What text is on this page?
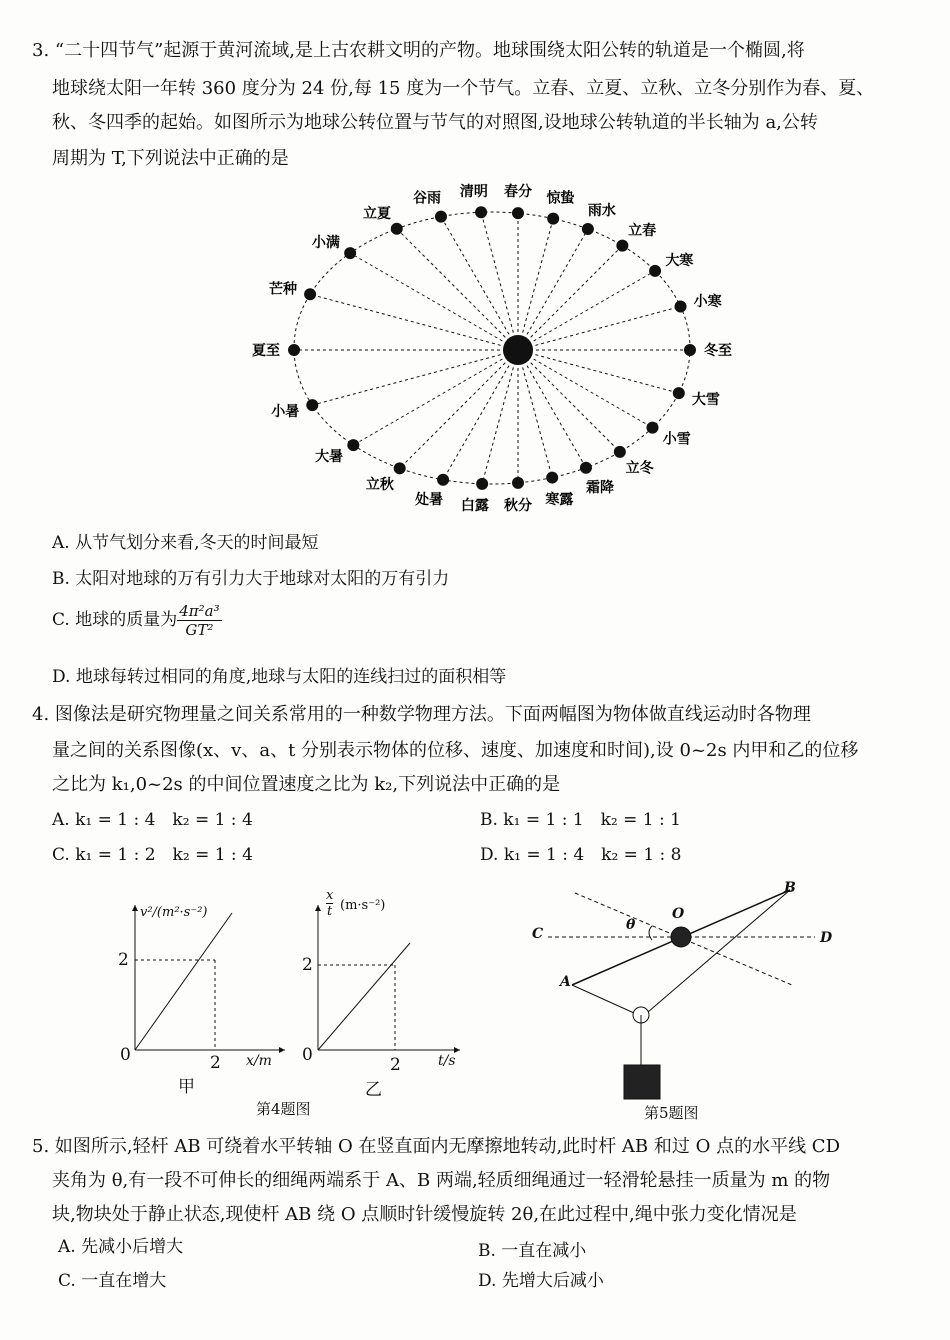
3. “二十四节气”起源于黄河流域,是上古农耕文明的产物。地球围绕太阳公转的轨道是一个椭圆,将
地球绕太阳一年转 360 度分为 24 份,每 15 度为一个节气。立春、立夏、立秋、立冬分别作为春、夏、
秋、冬四季的起始。如图所示为地球公转位置与节气的对照图,设地球公转轨道的半长轴为 a,公转
周期为 T,下列说法中正确的是
冬至
小寒
大寒
立春
雨水
惊蛰
春分
清明
谷雨
立夏
小满
芒种
夏至
小暑
大暑
立秋
处暑 白露 秋分 寒露
霜降
立冬
小雪
大雪
A. 从节气划分来看,冬天的时间最短
B. 太阳对地球的万有引力大于地球对太阳的万有引力
C. 地球的质量为 $\frac{\text{4π²a³}}{\text{GT²}}$
D. 地球每转过相同的角度,地球与太阳的连线扫过的面积相等
4. 图像法是研究物理量之间关系常用的一种数学物理方法。下面两幅图为物体做直线运动时各物理
量之间的关系图像(x、v、a、t 分别表示物体的位移、速度、加速度和时间),设 0~2s 内甲和乙的位移
之比为 k₁,0~2s 的中间位置速度之比为 k₂,下列说法中正确的是
A. k₁ = 1 : 4　k₂ = 1 : 4	B. k₁ = 1 : 1　k₂ = 1 : 1
C. k₁ = 1 : 2　k₂ = 1 : 4	D. k₁ = 1 : 4　k₂ = 1 : 8
v²/(m²·s⁻²)
2
0	2 x/m
甲
x
t (m·s⁻²)
2
0	2	t/s
乙
第4题图
C	D
O
B
A
θ
第5题图
5. 如图所示,轻杆 AB 可绕着水平转轴 O 在竖直面内无摩擦地转动,此时杆 AB 和过 O 点的水平线 CD
夹角为 θ,有一段不可伸长的细绳两端系于 A、B 两端,轻质细绳通过一轻滑轮悬挂一质量为 m 的物
块,物块处于静止状态,现使杆 AB 绕 O 点顺时针缓慢旋转 2θ,在此过程中,绳中张力变化情况是
A. 先减小后增大	B. 一直在减小
C. 一直在增大	D. 先增大后减小
